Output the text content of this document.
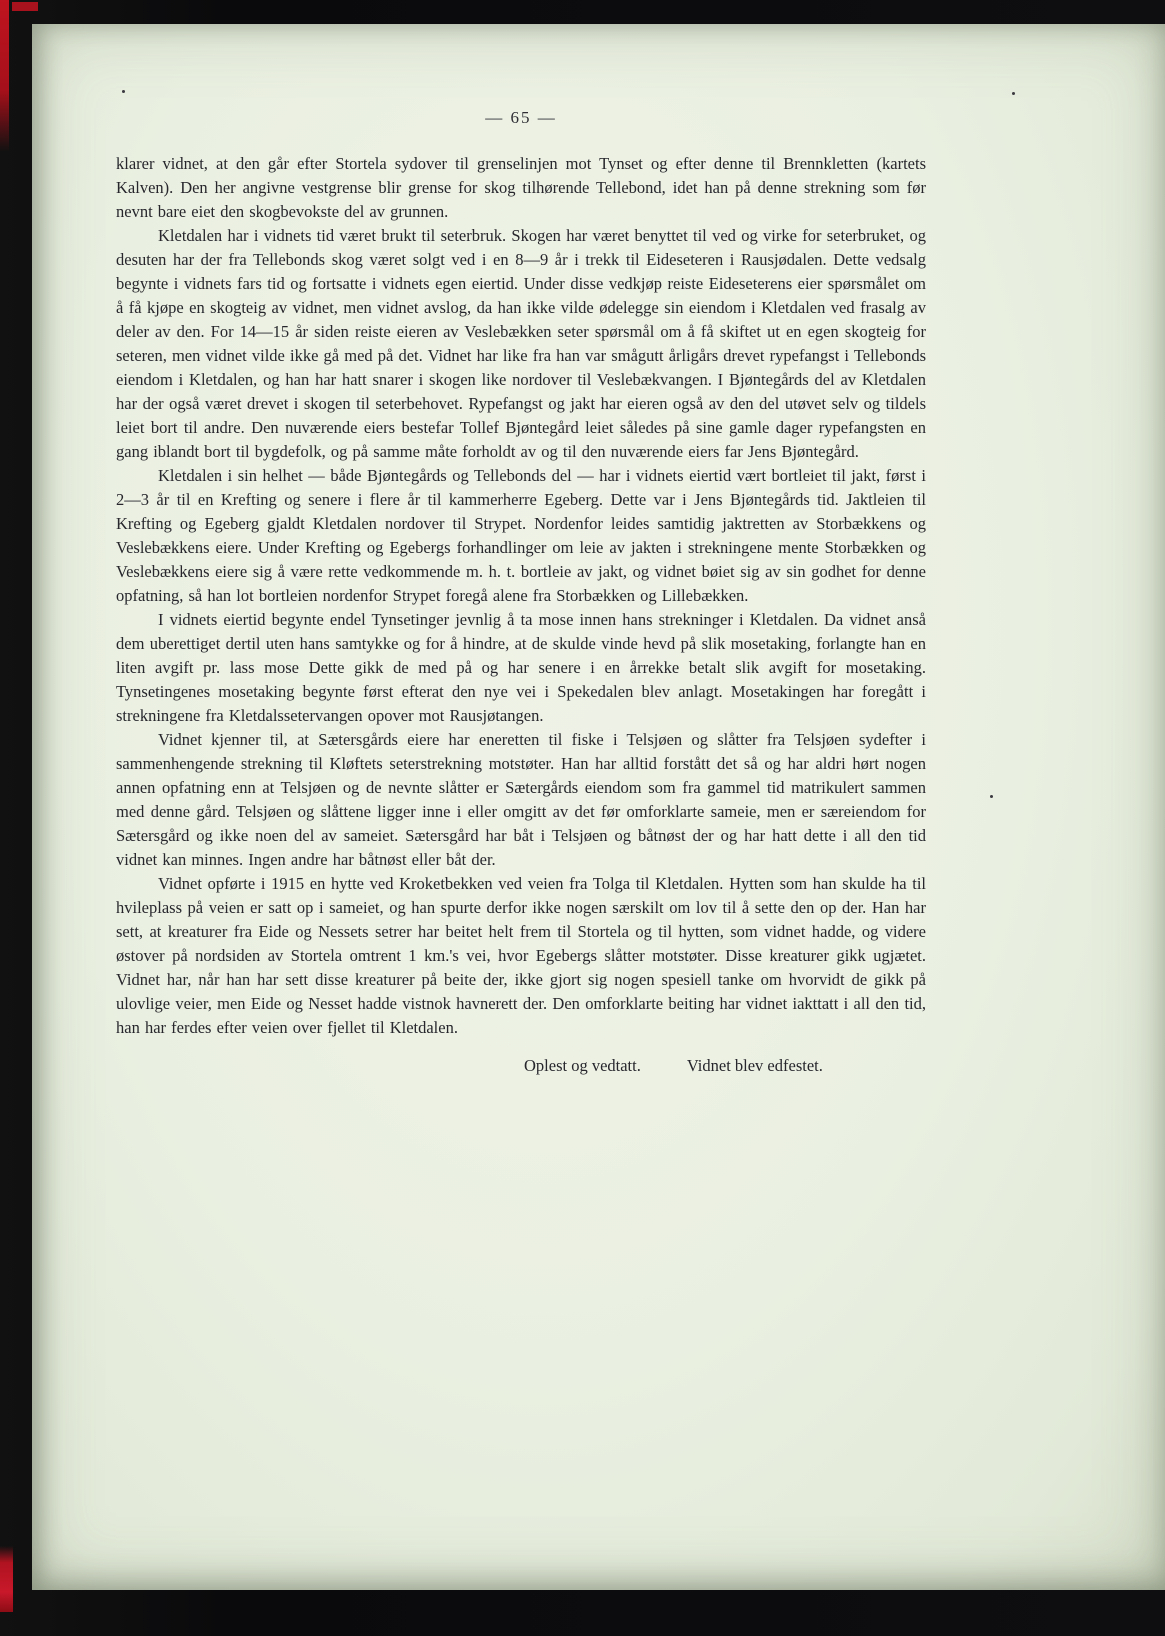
— 65 —

klarer vidnet, at den går efter Stortela sydover til grenselinjen mot Tynset og efter denne til Brennkletten (kartets Kalven). Den her angivne vestgrense blir grense for skog tilhørende Tellebond, idet han på denne strekning som før nevnt bare eiet den skogbevokste del av grunnen.

Kletdalen har i vidnets tid været brukt til seterbruk. Skogen har været benyttet til ved og virke for seterbruket, og desuten har der fra Tellebonds skog været solgt ved i en 8—9 år i trekk til Eideseteren i Rausjødalen. Dette vedsalg begynte i vidnets fars tid og fortsatte i vidnets egen eiertid. Under disse vedkjøp reiste Eideseterens eier spørsmålet om å få kjøpe en skogteig av vidnet, men vidnet avslog, da han ikke vilde ødelegge sin eiendom i Kletdalen ved frasalg av deler av den. For 14—15 år siden reiste eieren av Veslebækken seter spørsmål om å få skiftet ut en egen skogteig for seteren, men vidnet vilde ikke gå med på det. Vidnet har like fra han var smågutt årligårs drevet rypefangst i Tellebonds eiendom i Kletdalen, og han har hatt snarer i skogen like nordover til Veslebækvangen. I Bjøntegårds del av Kletdalen har der også været drevet i skogen til seterbehovet. Rypefangst og jakt har eieren også av den del utøvet selv og tildels leiet bort til andre. Den nuværende eiers bestefar Tollef Bjøntegård leiet således på sine gamle dager rypefangsten en gang iblandt bort til bygdefolk, og på samme måte forholdt av og til den nuværende eiers far Jens Bjøntegård.

Kletdalen i sin helhet — både Bjøntegårds og Tellebonds del — har i vidnets eiertid vært bortleiet til jakt, først i 2—3 år til en Krefting og senere i flere år til kammerherre Egeberg. Dette var i Jens Bjøntegårds tid. Jaktleien til Krefting og Egeberg gjaldt Kletdalen nordover til Strypet. Nordenfor leides samtidig jaktretten av Storbækkens og Veslebækkens eiere. Under Krefting og Egebergs forhandlinger om leie av jakten i strekningene mente Storbækken og Veslebækkens eiere sig å være rette vedkommende m. h. t. bortleie av jakt, og vidnet bøiet sig av sin godhet for denne opfatning, så han lot bortleien nordenfor Strypet foregå alene fra Storbækken og Lillebækken.

I vidnets eiertid begynte endel Tynsetinger jevnlig å ta mose innen hans strekninger i Kletdalen. Da vidnet anså dem uberettiget dertil uten hans samtykke og for å hindre, at de skulde vinde hevd på slik mosetaking, forlangte han en liten avgift pr. lass mose Dette gikk de med på og har senere i en årrekke betalt slik avgift for mosetaking. Tynsetingenes mosetaking begynte først efterat den nye vei i Spekedalen blev anlagt. Mosetakingen har foregått i strekningene fra Kletdalssetervangen opover mot Rausjøtangen.

Vidnet kjenner til, at Sætersgårds eiere har eneretten til fiske i Telsjøen og slåtter fra Telsjøen sydefter i sammenhengende strekning til Kløftets seterstrekning motstøter. Han har alltid forstått det så og har aldri hørt nogen annen opfatning enn at Telsjøen og de nevnte slåtter er Sætergårds eiendom som fra gammel tid matrikulert sammen med denne gård. Telsjøen og slåttene ligger inne i eller omgitt av det før omforklarte sameie, men er særeiendom for Sætersgård og ikke noen del av sameiet. Sætersgård har båt i Telsjøen og båtnøst der og har hatt dette i all den tid vidnet kan minnes. Ingen andre har båtnøst eller båt der.

Vidnet opførte i 1915 en hytte ved Kroketbekken ved veien fra Tolga til Kletdalen. Hytten som han skulde ha til hvileplass på veien er satt op i sameiet, og han spurte derfor ikke nogen særskilt om lov til å sette den op der. Han har sett, at kreaturer fra Eide og Nessets setrer har beitet helt frem til Stortela og til hytten, som vidnet hadde, og videre østover på nordsiden av Stortela omtrent 1 km.'s vei, hvor Egebergs slåtter motstøter. Disse kreaturer gikk ugjætet. Vidnet har, når han har sett disse kreaturer på beite der, ikke gjort sig nogen spesiell tanke om hvorvidt de gikk på ulovlige veier, men Eide og Nesset hadde vistnok havnerett der. Den omforklarte beiting har vidnet iakttatt i all den tid, han har ferdes efter veien over fjellet til Kletdalen.

Oplest og vedtatt.	Vidnet blev edfestet.
